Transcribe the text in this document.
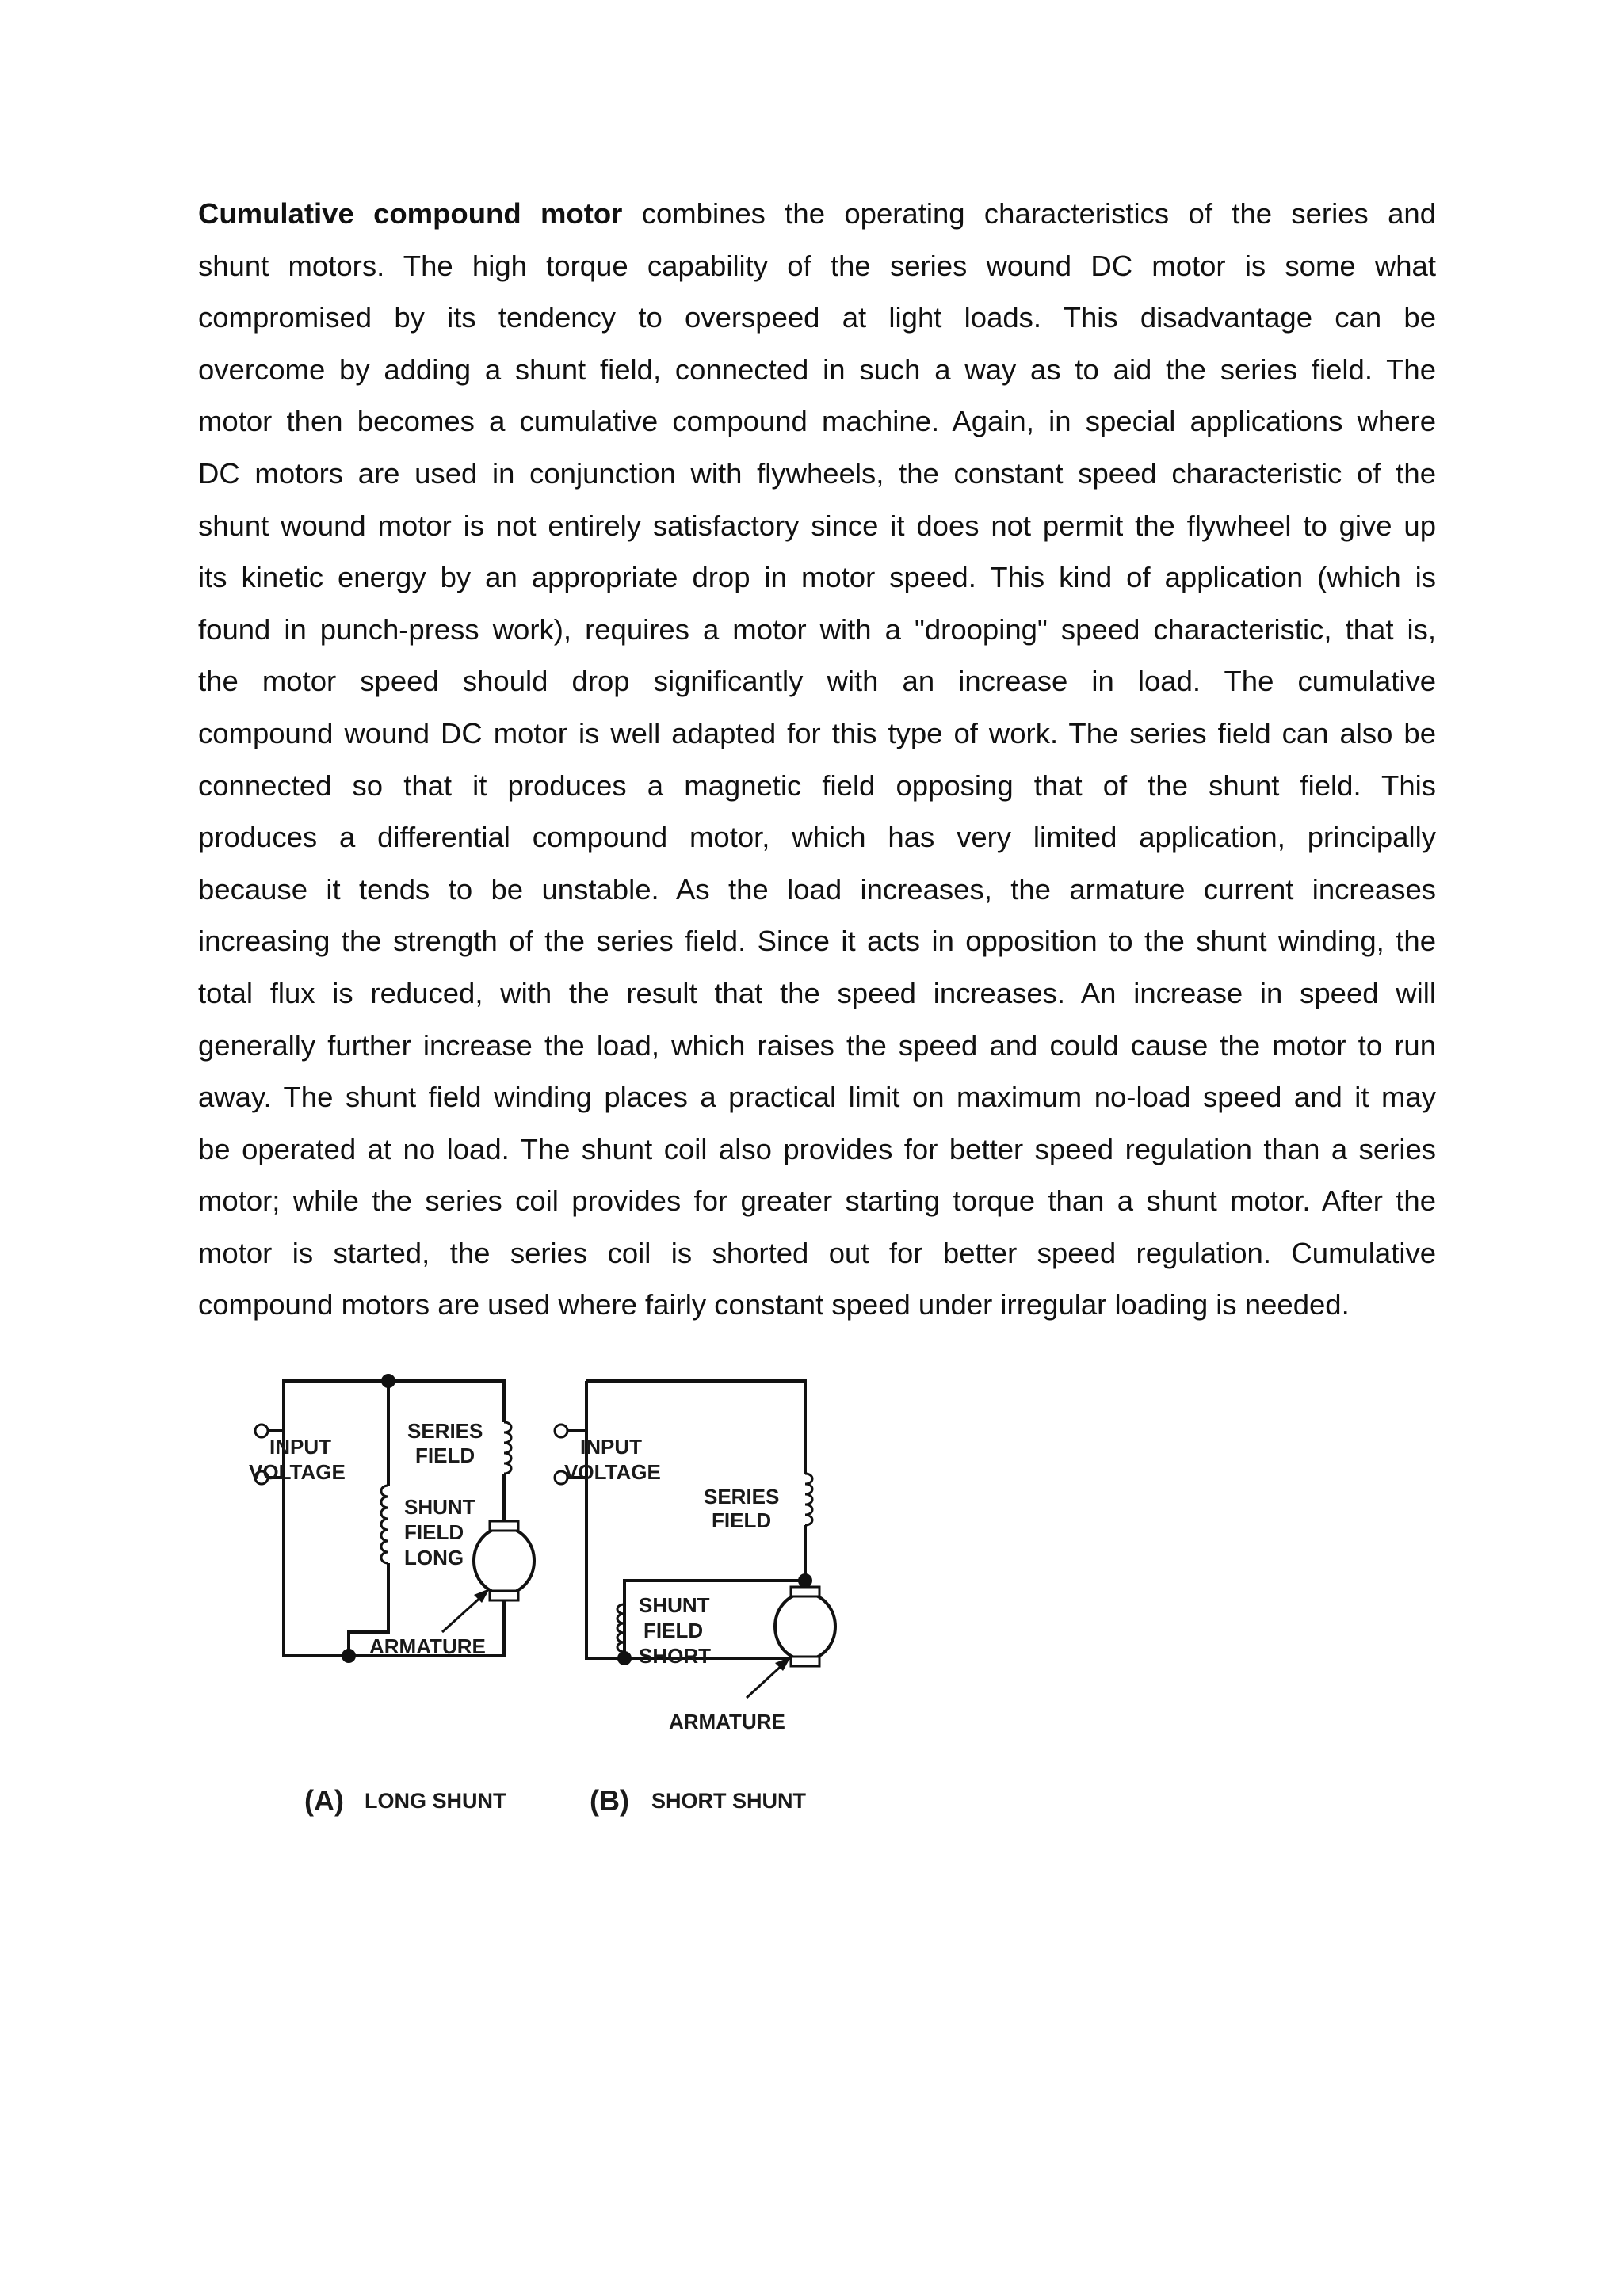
Cumulative compound motor combines the operating characteristics of the series and
shunt motors. The high torque capability of the series wound DC motor is some what
compromised by its tendency to overspeed at light loads. This disadvantage can be
overcome by adding a shunt field, connected in such a way as to aid the series field. The
motor then becomes a cumulative compound machine. Again, in special applications where
DC motors are used in conjunction with flywheels, the constant speed characteristic of the
shunt wound motor is not entirely satisfactory since it does not permit the flywheel to give up
its kinetic energy by an appropriate drop in motor speed. This kind of application (which is
found in punch-press work), requires a motor with a "drooping" speed characteristic, that is,
the motor speed should drop significantly with an increase in load. The cumulative
compound wound DC motor is well adapted for this type of work. The series field can also be
connected so that it produces a magnetic field opposing that of the shunt field. This
produces a differential compound motor, which has very limited application, principally
because it tends to be unstable. As the load increases, the armature current increases
increasing the strength of the series field. Since it acts in opposition to the shunt winding, the
total flux is reduced, with the result that the speed increases. An increase in speed will
generally further increase the load, which raises the speed and could cause the motor to run
away. The shunt field winding places a practical limit on maximum no-load speed and it may
be operated at no load. The shunt coil also provides for better speed regulation than a series
motor; while the series coil provides for greater starting torque than a shunt motor. After the
motor is started, the series coil is shorted out for better speed regulation. Cumulative
compound motors are used where fairly constant speed under irregular loading is needed.
INPUT
VOLTAGE
SERIES
FIELD
SHUNT
FIELD
LONG
ARMATURE
(A) LONG SHUNT
INPUT
VOLTAGE
SERIES
FIELD
SHUNT
FIELD
SHORT
ARMATURE
(B) SHORT SHUNT
